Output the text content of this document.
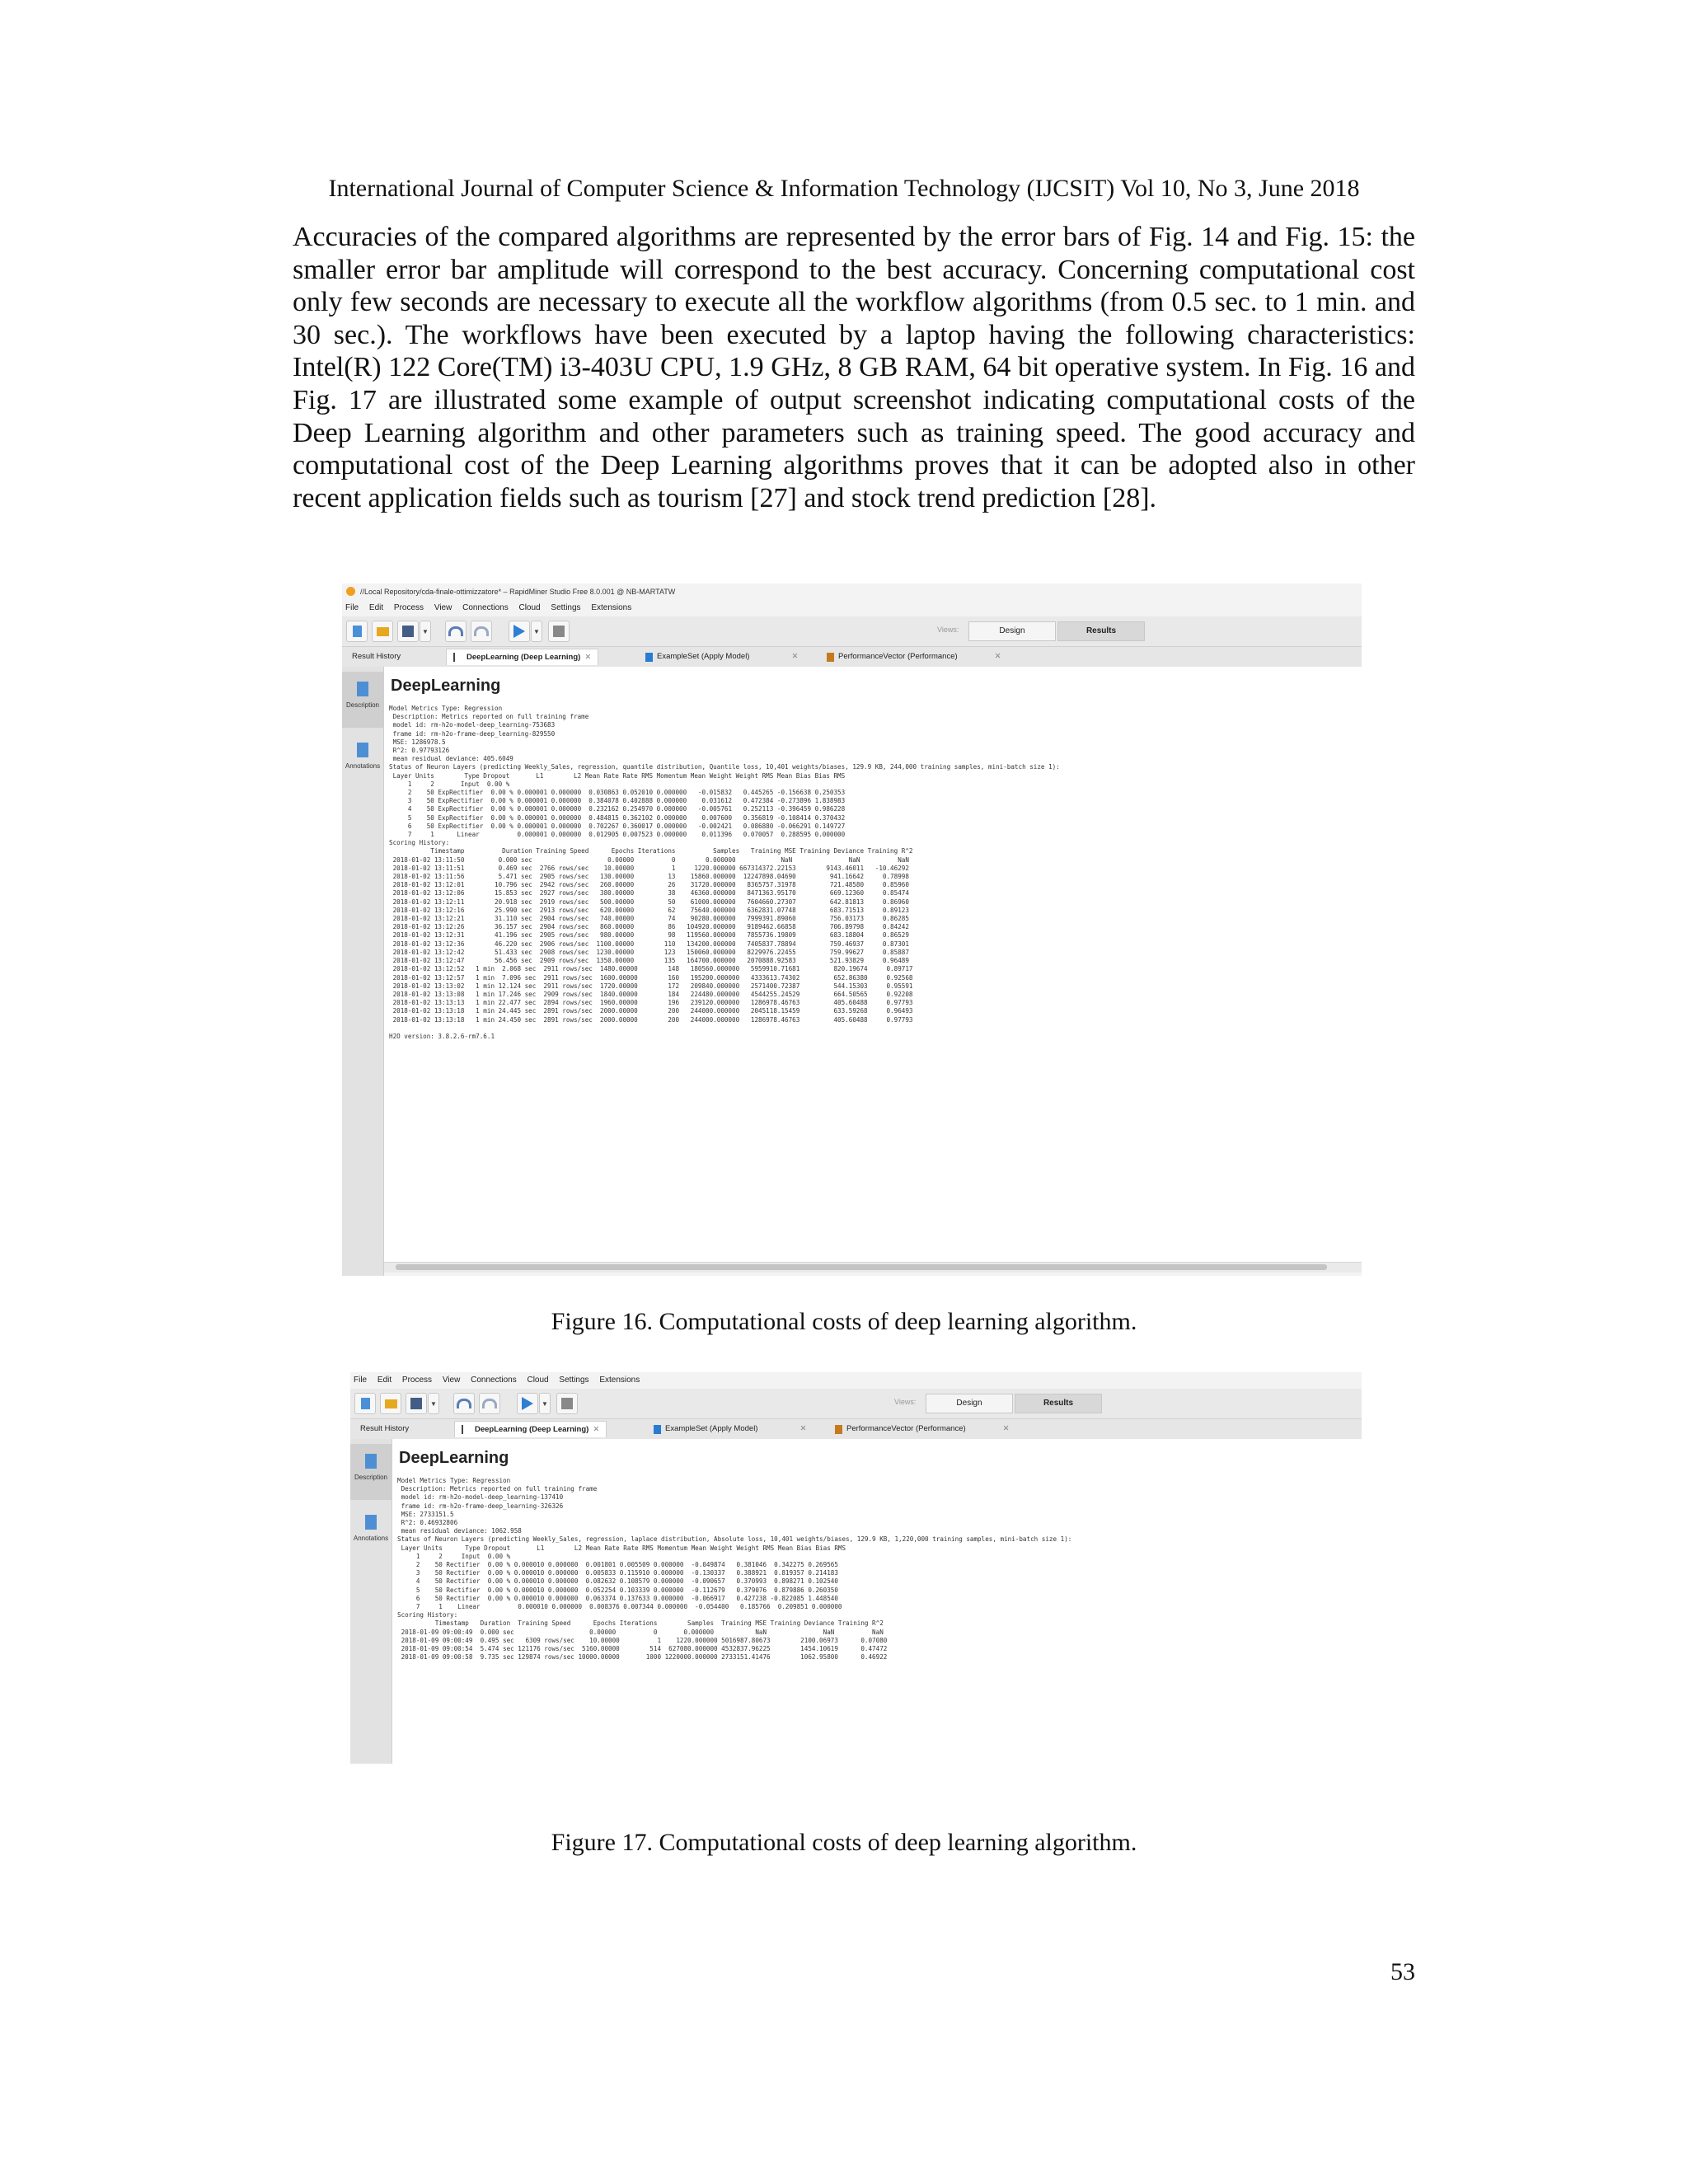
International Journal of Computer Science & Information Technology (IJCSIT) Vol 10, No 3, June 2018

Accuracies of the compared algorithms are represented by the error bars of Fig. 14 and Fig. 15: the smaller error bar amplitude will correspond to the best accuracy. Concerning computational cost only few seconds are necessary to execute all the workflow algorithms (from 0.5 sec. to 1 min. and 30 sec.). The workflows have been executed by a laptop having the following characteristics: Intel(R) 122 Core(TM) i3-403U CPU, 1.9 GHz, 8 GB RAM, 64 bit operative system. In Fig. 16 and Fig. 17 are illustrated some example of output screenshot indicating computational costs of the Deep Learning algorithm and other parameters such as training speed. The good accuracy and computational cost of the Deep Learning algorithms proves that it can be adopted also in other recent application fields such as tourism [27] and stock trend prediction [28].

//Local Repository/cda-finale-ottimizzatore* – RapidMiner Studio Free 8.0.001 @ NB-MARTATW
File Edit Process View Connections Cloud Settings Extensions
▼	▼	Views:	Design	Results
Result History	DeepLearning (Deep Learning) ✕	ExampleSet (Apply Model)	✕	PerformanceVector (Performance)	✕
Description
Annotations
DeepLearning
Model Metrics Type: Regression
Description: Metrics reported on full training frame
model id: rm-h2o-model-deep_learning-753683
frame id: rm-h2o-frame-deep_learning-829550
MSE: 1286978.5
R^2: 0.97793126
mean residual deviance: 405.6049
Status of Neuron Layers (predicting Weekly_Sales, regression, quantile distribution, Quantile loss, 10,401 weights/biases, 129.9 KB, 244,000 training samples, mini-batch size 1):
Layer Units        Type Dropout       L1        L2 Mean Rate Rate RMS Momentum Mean Weight Weight RMS Mean Bias Bias RMS
1     2       Input  0.00 %
2    50 ExpRectifier  0.00 % 0.000001 0.000000  0.030863 0.052010 0.000000   -0.015832   0.445265 -0.156638 0.250353
3    50 ExpRectifier  0.00 % 0.000001 0.000000  0.384078 0.402888 0.000000    0.031612   0.472384 -0.273896 1.838983
4    50 ExpRectifier  0.00 % 0.000001 0.000000  0.232162 0.254970 0.000000   -0.005761   0.252113 -0.396459 0.986228
5    50 ExpRectifier  0.00 % 0.000001 0.000000  0.484815 0.362102 0.000000    0.007600   0.356819 -0.108414 0.370432
6    50 ExpRectifier  0.00 % 0.000001 0.000000  0.702267 0.360017 0.000000   -0.002421   0.086880 -0.066291 0.149727
7     1      Linear          0.000001 0.000000  0.012905 0.007523 0.000000    0.011396   0.070057  0.288595 0.000000
Scoring History:
Timestamp          Duration Training Speed      Epochs Iterations          Samples   Training MSE Training Deviance Training R^2
2018-01-02 13:11:50         0.000 sec                    0.00000          0        0.000000            NaN               NaN          NaN
2018-01-02 13:11:51         0.469 sec  2766 rows/sec    10.00000          1     1220.000000 667314372.22153        9143.46011   -10.46292
2018-01-02 13:11:56         5.471 sec  2905 rows/sec   130.00000         13    15860.000000  12247898.04690         941.16642     0.78998
2018-01-02 13:12:01        10.796 sec  2942 rows/sec   260.00000         26    31720.000000   8365757.31978         721.48580     0.85960
2018-01-02 13:12:06        15.853 sec  2927 rows/sec   380.00000         38    46360.000000   8471363.95170         669.12360     0.85474
2018-01-02 13:12:11        20.918 sec  2919 rows/sec   500.00000         50    61000.000000   7604660.27307         642.81813     0.86960
2018-01-02 13:12:16        25.990 sec  2913 rows/sec   620.00000         62    75640.000000   6362831.07748         683.71513     0.89123
2018-01-02 13:12:21        31.110 sec  2904 rows/sec   740.00000         74    90280.000000   7999391.89060         756.03173     0.86285
2018-01-02 13:12:26        36.157 sec  2904 rows/sec   860.00000         86   104920.000000   9189462.66858         706.89798     0.84242
2018-01-02 13:12:31        41.196 sec  2905 rows/sec   980.00000         98   119560.000000   7855736.19809         683.18804     0.86529
2018-01-02 13:12:36        46.220 sec  2906 rows/sec  1100.00000        110   134200.000000   7405837.78894         759.46937     0.87301
2018-01-02 13:12:42        51.433 sec  2908 rows/sec  1230.00000        123   150060.000000   8229976.22455         759.99627     0.85887
2018-01-02 13:12:47        56.456 sec  2909 rows/sec  1350.00000        135   164700.000000   2070888.92583         521.93829     0.96489
2018-01-02 13:12:52   1 min  2.068 sec  2911 rows/sec  1480.00000        148   180560.000000   5959910.71681         820.19674     0.89717
2018-01-02 13:12:57   1 min  7.096 sec  2911 rows/sec  1600.00000        160   195200.000000   4333613.74302         652.86380     0.92568
2018-01-02 13:13:02   1 min 12.124 sec  2911 rows/sec  1720.00000        172   209840.000000   2571400.72387         544.15303     0.95591
2018-01-02 13:13:08   1 min 17.246 sec  2909 rows/sec  1840.00000        184   224480.000000   4544255.24529         664.50565     0.92208
2018-01-02 13:13:13   1 min 22.477 sec  2894 rows/sec  1960.00000        196   239120.000000   1286978.46763         405.60488     0.97793
2018-01-02 13:13:18   1 min 24.445 sec  2891 rows/sec  2000.00000        200   244000.000000   2045118.15459         633.59268     0.96493
2018-01-02 13:13:18   1 min 24.450 sec  2891 rows/sec  2000.00000        200   244000.000000   1286978.46763         405.60488     0.97793

H2O version: 3.8.2.6-rm7.6.1
Figure 16. Computational costs of deep learning algorithm.
File Edit Process View Connections Cloud Settings Extensions
▼	▼	Views:	Design	Results
Result History	DeepLearning (Deep Learning) ✕	ExampleSet (Apply Model)	✕	PerformanceVector (Performance)	✕
Description
Annotations
DeepLearning
Model Metrics Type: Regression
Description: Metrics reported on full training frame
model id: rm-h2o-model-deep_learning-137410
frame id: rm-h2o-frame-deep_learning-326326
MSE: 2733151.5
R^2: 0.46932806
mean residual deviance: 1062.958
Status of Neuron Layers (predicting Weekly_Sales, regression, laplace distribution, Absolute loss, 10,401 weights/biases, 129.9 KB, 1,220,000 training samples, mini-batch size 1):
Layer Units      Type Dropout       L1        L2 Mean Rate Rate RMS Momentum Mean Weight Weight RMS Mean Bias Bias RMS
1     2     Input  0.00 %
2    50 Rectifier  0.00 % 0.000010 0.000000  0.001801 0.005509 0.000000  -0.049874   0.381046  0.342275 0.269565
3    50 Rectifier  0.00 % 0.000010 0.000000  0.005833 0.115910 0.000000  -0.130337   0.388921  0.819357 0.214183
4    50 Rectifier  0.00 % 0.000010 0.000000  0.082632 0.108579 0.000000  -0.090657   0.370993  0.898271 0.102540
5    50 Rectifier  0.00 % 0.000010 0.000000  0.052254 0.103339 0.000000  -0.112679   0.379076  0.879886 0.260350
6    50 Rectifier  0.00 % 0.000010 0.000000  0.063374 0.137633 0.000000  -0.066917   0.427238 -0.822085 1.448540
7     1    Linear          0.000010 0.000000  0.008376 0.007344 0.000000  -0.054400   0.185766  0.209851 0.000000
Scoring History:
Timestamp   Duration  Training Speed      Epochs Iterations        Samples  Training MSE Training Deviance Training R^2
2018-01-09 09:00:49  0.000 sec                    0.00000          0       0.000000           NaN               NaN          NaN
2018-01-09 09:00:49  0.495 sec   6309 rows/sec    10.00000          1    1220.000000 5016987.80673        2100.06973      0.07080
2018-01-09 09:00:54  5.474 sec 121176 rows/sec  5160.00000        514  627080.000000 4532837.96225        1454.10619      0.47472
2018-01-09 09:00:58  9.735 sec 129874 rows/sec 10000.00000       1000 1220000.000000 2733151.41476        1062.95800      0.46922
Figure 17. Computational costs of deep learning algorithm.
53
